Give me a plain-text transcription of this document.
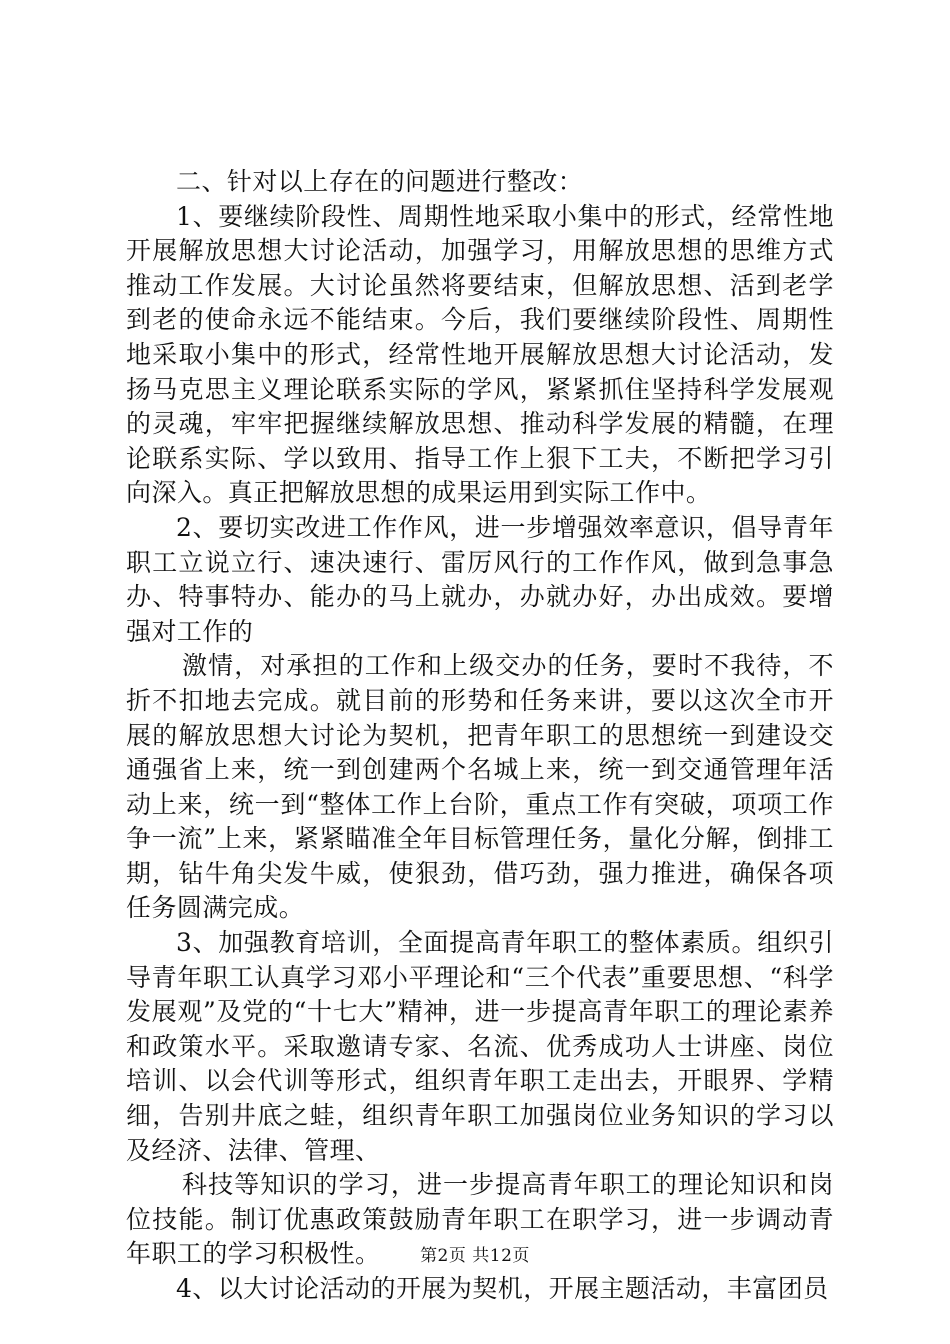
二、针对以上存在的问题进行整改：

1、要继续阶段性、周期性地采取小集中的形式，经常性地开展解放思想大讨论活动，加强学习，用解放思想的思维方式推动工作发展。大讨论虽然将要结束，但解放思想、活到老学到老的使命永远不能结束。今后，我们要继续阶段性、周期性地采取小集中的形式，经常性地开展解放思想大讨论活动，发扬马克思主义理论联系实际的学风，紧紧抓住坚持科学发展观的灵魂，牢牢把握继续解放思想、推动科学发展的精髓，在理论联系实际、学以致用、指导工作上狠下工夫，不断把学习引向深入。真正把解放思想的成果运用到实际工作中。

2、要切实改进工作作风，进一步增强效率意识，倡导青年职工立说立行、速决速行、雷厉风行的工作作风，做到急事急办、特事特办、能办的马上就办，办就办好，办出成效。要增强对工作的

激情，对承担的工作和上级交办的任务，要时不我待，不折不扣地去完成。就目前的形势和任务来讲，要以这次全市开展的解放思想大讨论为契机，把青年职工的思想统一到建设交通强省上来，统一到创建两个名城上来，统一到交通管理年活动上来，统一到“整体工作上台阶，重点工作有突破，项项工作争一流”上来，紧紧瞄准全年目标管理任务，量化分解，倒排工期，钻牛角尖发牛威，使狠劲，借巧劲，强力推进，确保各项任务圆满完成。

3、加强教育培训，全面提高青年职工的整体素质。组织引导青年职工认真学习邓小平理论和“三个代表”重要思想、“科学发展观”及党的“十七大”精神，进一步提高青年职工的理论素养和政策水平。采取邀请专家、名流、优秀成功人士讲座、岗位培训、以会代训等形式，组织青年职工走出去，开眼界、学精细，告别井底之蛙，组织青年职工加强岗位业务知识的学习以及经济、法律、管理、

科技等知识的学习，进一步提高青年职工的理论知识和岗位技能。制订优惠政策鼓励青年职工在职学习，进一步调动青年职工的学习积极性。

4、以大讨论活动的开展为契机，开展主题活动，丰富团员

第2页 共12页
